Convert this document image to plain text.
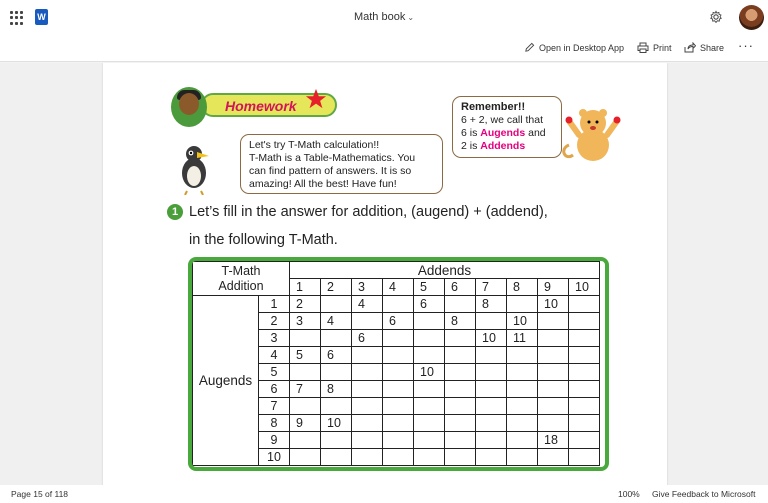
W	Math book ⌄
Open in Desktop App	Print	Share ···
Homework
Let's try T-Math calculation!!
T-Math is a Table-Mathematics. You
can find pattern of answers. It is so
amazing! All the best! Have fun!
Remember!!
6 + 2, we call that
6 is Augends and
2 is Addends
1 Let’s fill in the answer for addition, (augend) + (addend),
in the following T-Math.
T-Math
Addition		Addends									
		1	2	3	4	5	6	7	8	9	10
Augends	1	2		4		6		8		10	
	2	3	4		6		8		10		
	3			6				10	11		
	4	5	6								
	5					10					
	6	7	8								
	7										
	8	9	10								
	9									18	
	10										
Page 15 of 118	100% Give Feedback to Microsoft
